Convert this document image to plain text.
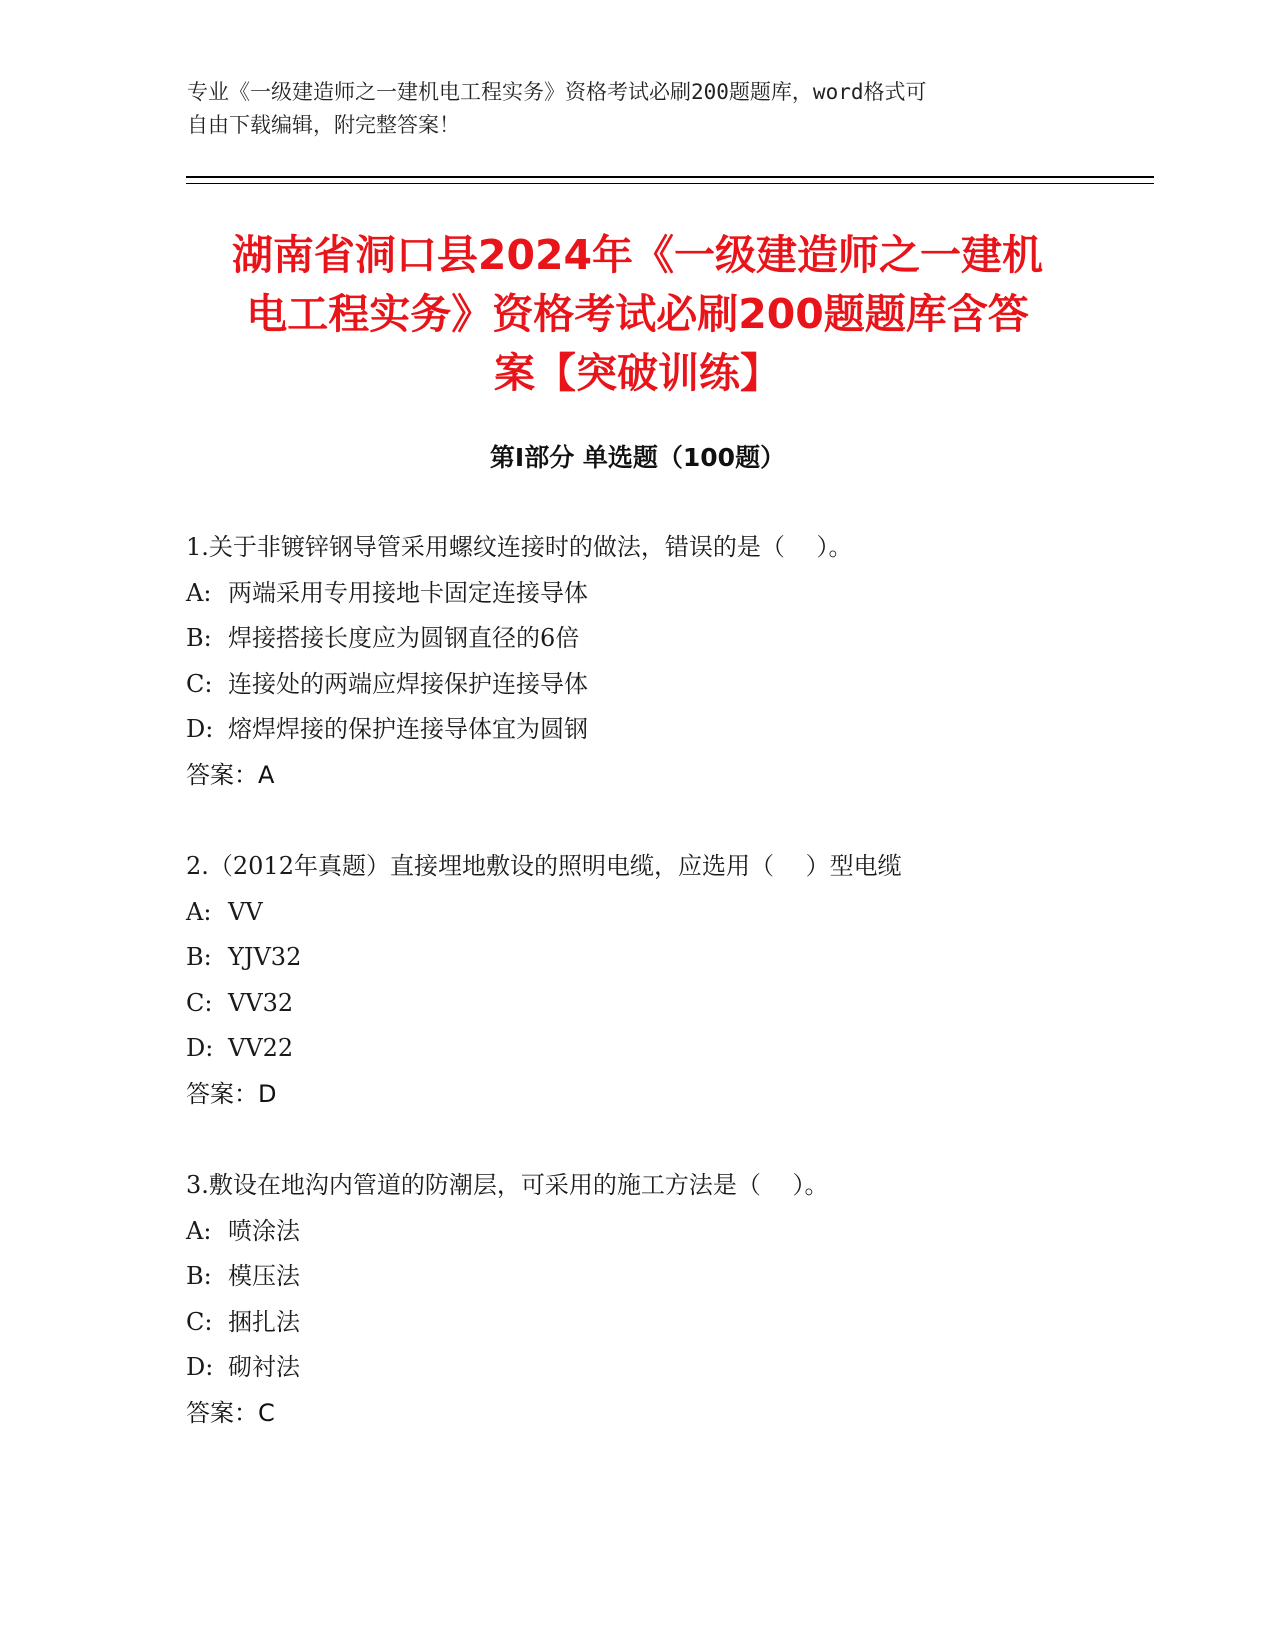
专业《一级建造师之一建机电工程实务》资格考试必刷200题题库，word格式可
自由下载编辑，附完整答案！
湖南省洞口县2024年《一级建造师之一建机
电工程实务》资格考试必刷200题题库含答
案【突破训练】
第Ⅰ部分 单选题（100题）
1.关于非镀锌钢导管采用螺纹连接时的做法，错误的是（　 ）。
A: 两端采用专用接地卡固定连接导体
B: 焊接搭接长度应为圆钢直径的6倍
C: 连接处的两端应焊接保护连接导体
D: 熔焊焊接的保护连接导体宜为圆钢
答案：A
2.（2012年真题）直接埋地敷设的照明电缆，应选用（　 ）型电缆
A: VV
B: YJV32
C: VV32
D: VV22
答案：D
3.敷设在地沟内管道的防潮层，可采用的施工方法是（　 ）。
A: 喷涂法
B: 模压法
C: 捆扎法
D: 砌衬法
答案：C
